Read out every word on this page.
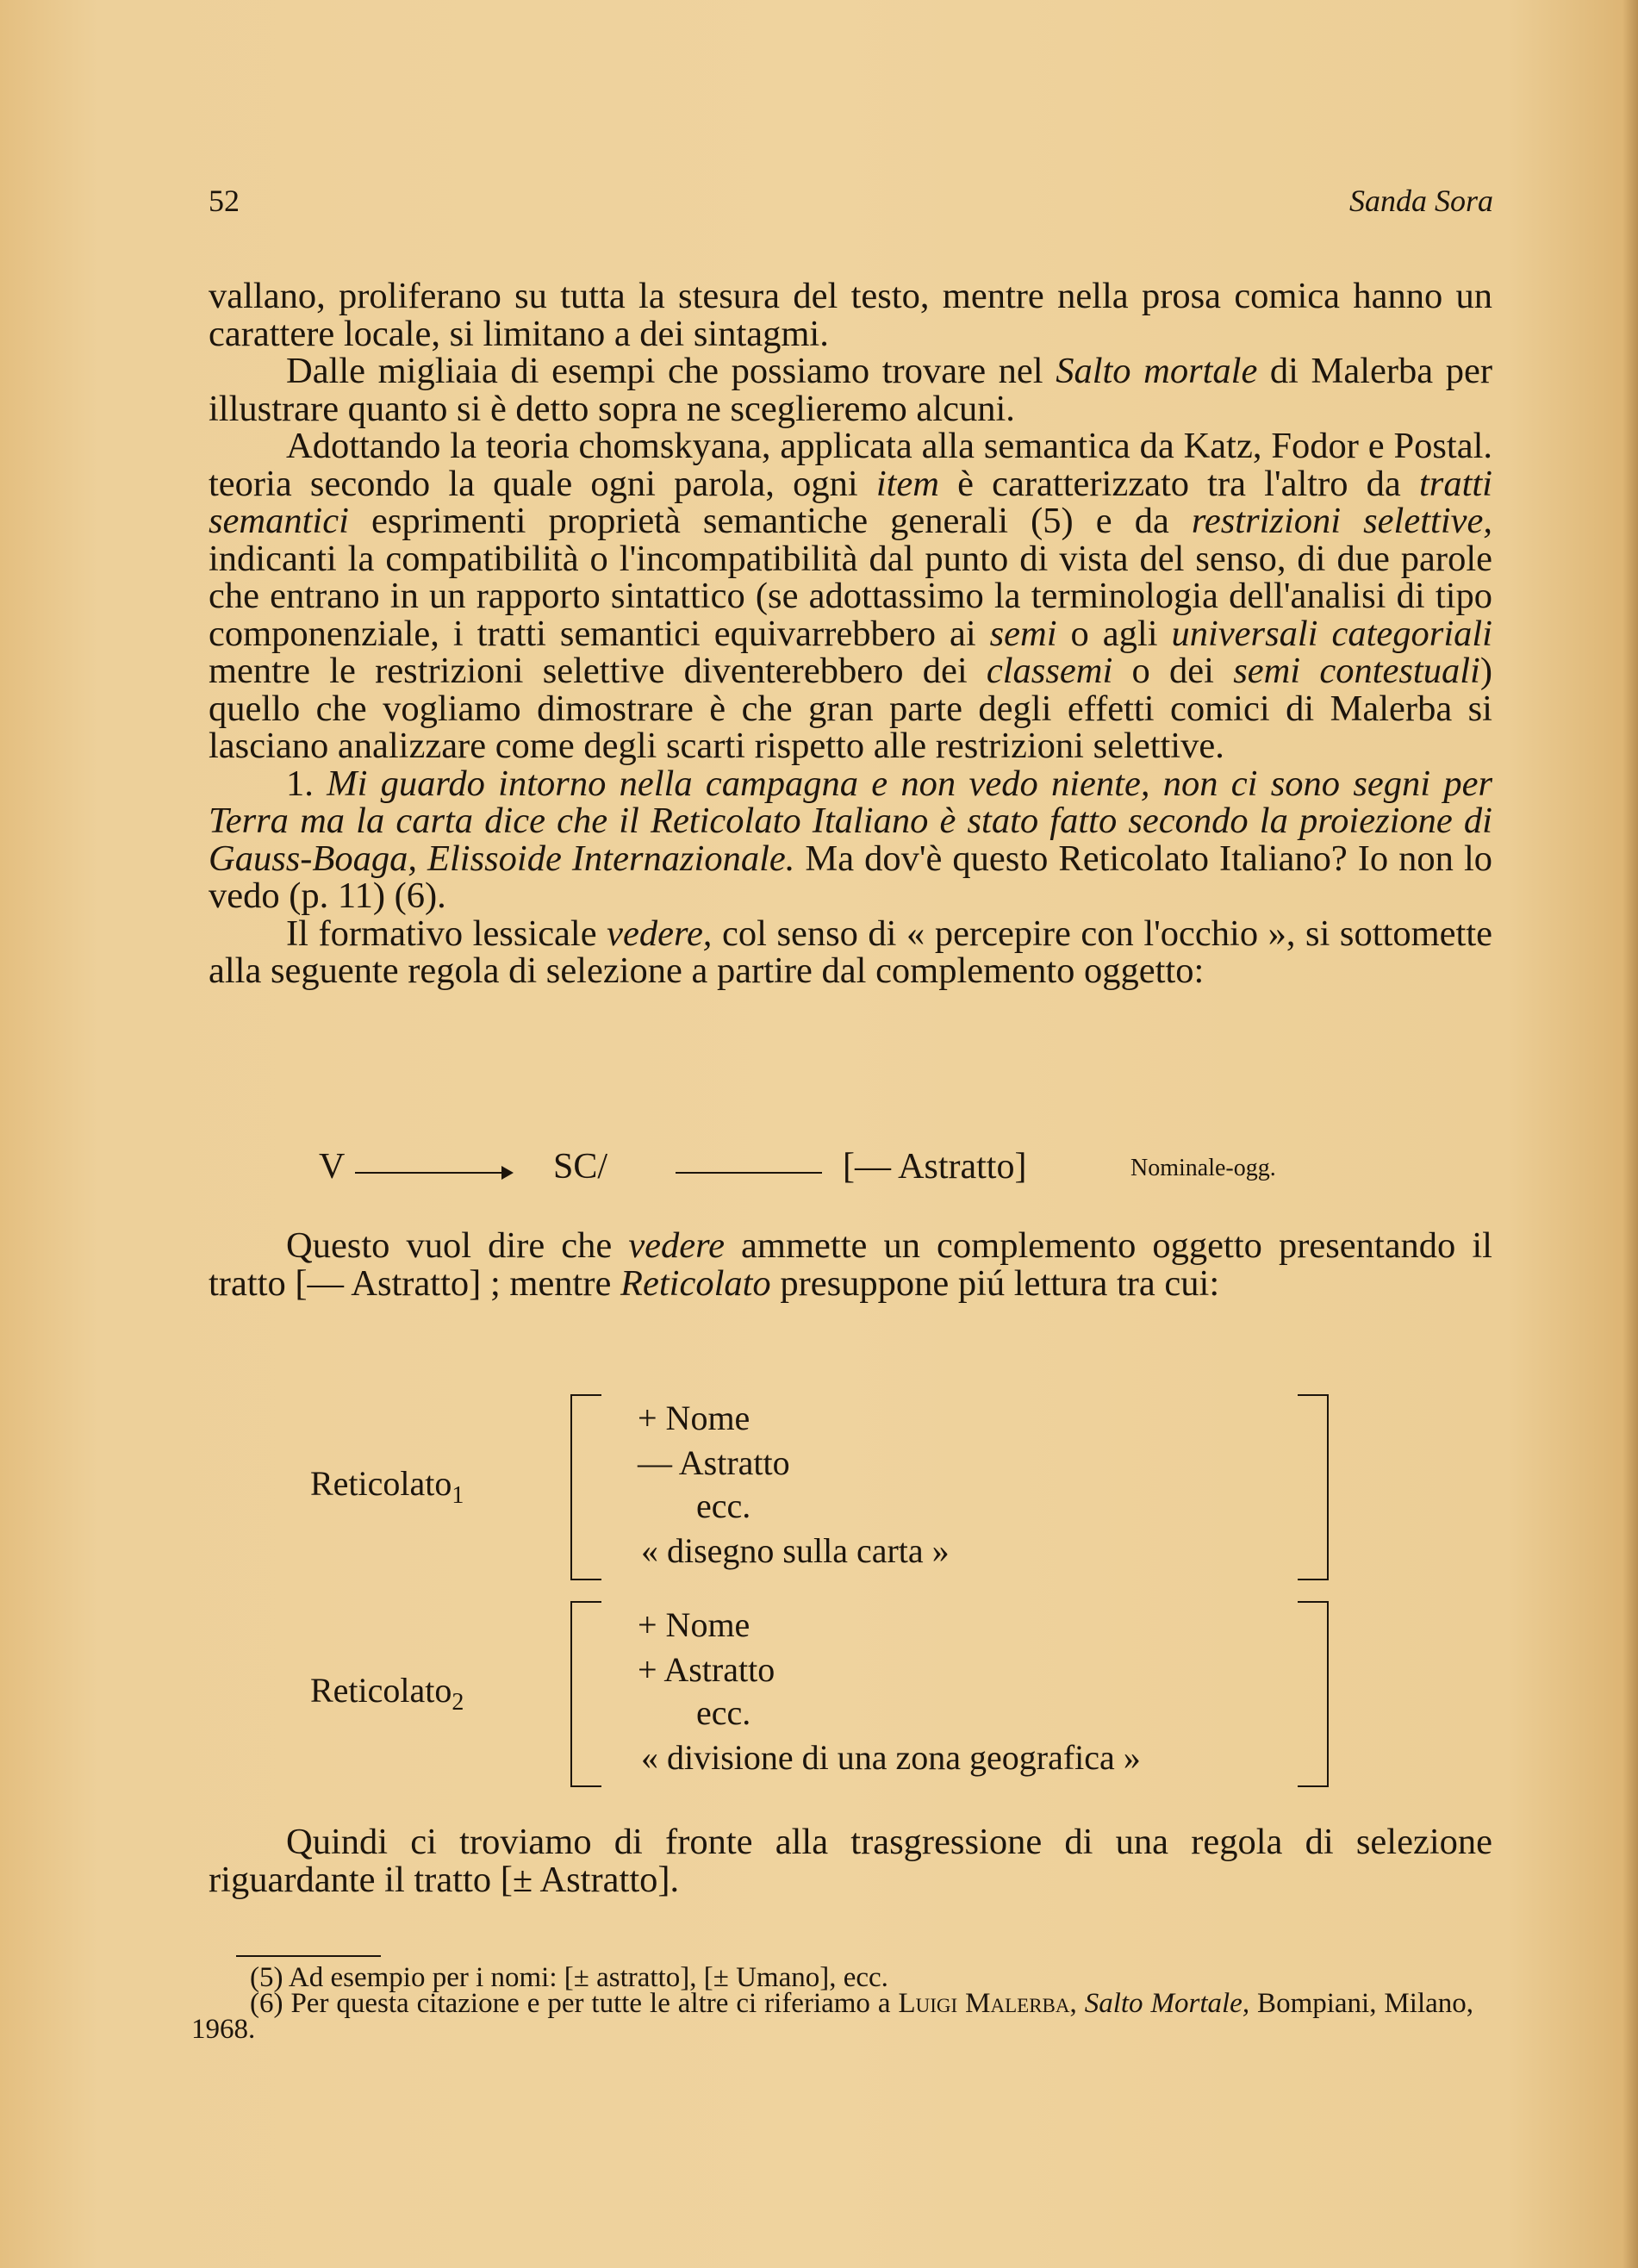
52	Sanda Sora

vallano, proliferano su tutta la stesura del testo, mentre nella prosa comica hanno un carattere locale, si limitano a dei sintagmi.

Dalle migliaia di esempi che possiamo trovare nel Salto mortale di Malerba per illustrare quanto si è detto sopra ne sceglieremo alcuni.

Adottando la teoria chomskyana, applicata alla semantica da Katz, Fodor e Postal. teoria secondo la quale ogni parola, ogni item è caratterizzato tra l'altro da tratti semantici esprimenti proprietà semantiche generali (5) e da restrizioni selettive, indicanti la compatibilità o l'incompatibilità dal punto di vista del senso, di due parole che entrano in un rapporto sintattico (se adottassimo la terminologia dell'analisi di tipo componenziale, i tratti semantici equivarrebbero ai semi o agli universali categoriali mentre le restrizioni selettive diventerebbero dei classemi o dei semi contestuali) quello che vogliamo dimostrare è che gran parte degli effetti comici di Malerba si lasciano analizzare come degli scarti rispetto alle restrizioni selettive.

1. Mi guardo intorno nella campagna e non vedo niente, non ci sono segni per Terra ma la carta dice che il Reticolato Italiano è stato fatto secondo la proiezione di Gauss-Boaga, Elissoide Internazionale. Ma dov'è questo Reticolato Italiano? Io non lo vedo (p. 11) (6).

Il formativo lessicale vedere, col senso di « percepire con l'occhio », si sottomette alla seguente regola di selezione a partire dal complemento oggetto:

V	SC/	[— Astratto]	Nominale-ogg.

Questo vuol dire che vedere ammette un complemento oggetto presentando il tratto [— Astratto] ; mentre Reticolato presuppone piú lettura tra cui:

Reticolato$_1$
+ Nome
— Astratto
ecc.
« disegno sulla carta »
Reticolato$_2$
+ Nome
+ Astratto
ecc.
« divisione di una zona geografica »

Quindi ci troviamo di fronte alla trasgressione di una regola di selezione riguardante il tratto [± Astratto].

(5) Ad esempio per i nomi: [± astratto], [± Umano], ecc.

(6) Per questa citazione e per tutte le altre ci riferiamo a Luigi Malerba, Salto Mortale, Bompiani, Milano, 1968.
